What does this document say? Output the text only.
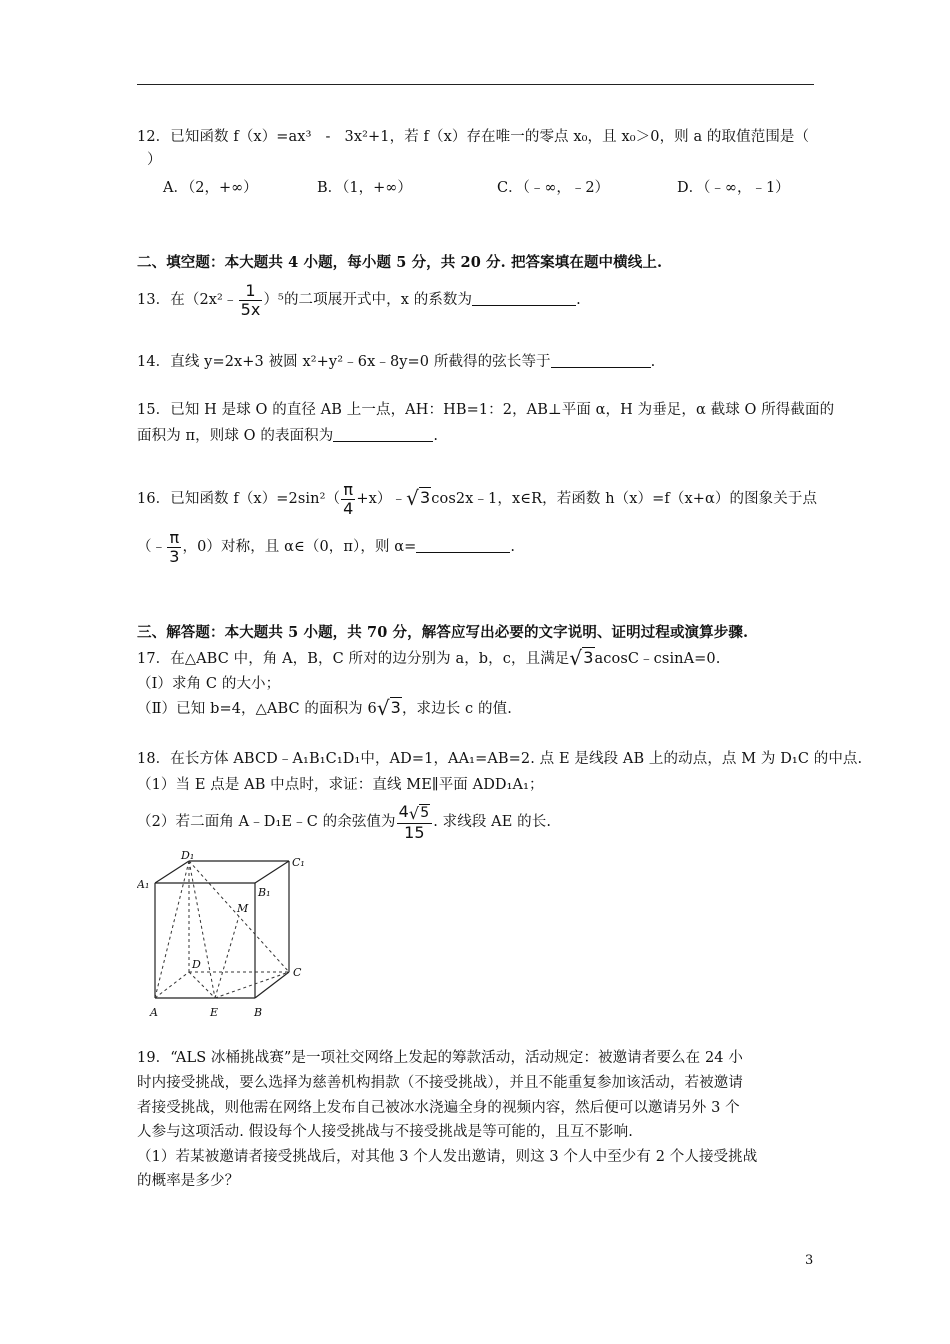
12．已知函数 f（x）=ax³ﾠ-ﾠ3x²+1，若 f（x）存在唯一的零点 x₀，且 x₀＞0，则 a 的取值范围是（
）
A．（2，+∞）	B．（1，+∞）	C．（﹣∞，﹣2）	D．（﹣∞，﹣1）
二、填空题：本大题共 4 小题，每小题 5 分，共 20 分. 把答案填在题中横线上.
13．在（2x²﹣ $\frac{1}{5x} )^5$的二项展开式中，x 的系数为	.
14．直线 y=2x+3 被圆 x²+y²﹣6x﹣8y=0 所截得的弦长等于	.
15．已知 H 是球 O 的直径 AB 上一点，AH：HB=1：2，AB⊥平面 α，H 为垂足，α 截球 O 所得截面的
面积为 π，则球 O 的表面积为	.
16．已知函数 $f(x)=2\sin^2( \frac{\pi}{4}$ +x）﹣√3cos2x﹣1，x∈R，若函数 h（x）=f（x+α）的图象关于点
（﹣ $\frac{\pi}{3}$ ，0）对称，且 α∈（0，π），则 α=	.
三、解答题：本大题共 5 小题，共 70 分，解答应写出必要的文字说明、证明过程或演算步骤.
17．在△ABC 中，角 A，B，C 所对的边分别为 a，b，c，且满足√3acosC﹣csinA=0.
（Ⅰ）求角 C 的大小；
（Ⅱ）已知 b=4，△ABC 的面积为 6√3，求边长 c 的值.
18．在长方体 ABCD﹣A₁B₁C₁D₁中，AD=1，AA₁=AB=2. 点 E 是线段 AB 上的动点，点 M 为 D₁C 的中点.
（1）当 E 点是 AB 中点时，求证：直线 ME∥平面 ADD₁A₁；
（2）若二面角 A﹣D₁E﹣C 的余弦值为 $\frac{4√5}{15}$ . 求线段 AE 的长.
D₁
C₁
A₁
B₁
M
D
C
A	E	B
19．“ALS 冰桶挑战赛”是一项社交网络上发起的筹款活动，活动规定：被邀请者要么在 24 小
时内接受挑战，要么选择为慈善机构捐款（不接受挑战），并且不能重复参加该活动，若被邀请
者接受挑战，则他需在网络上发布自己被冰水浇遍全身的视频内容，然后便可以邀请另外 3 个
人参与这项活动. 假设每个人接受挑战与不接受挑战是等可能的，且互不影响.
（1）若某被邀请者接受挑战后，对其他 3 个人发出邀请，则这 3 个人中至少有 2 个人接受挑战
的概率是多少？
3
